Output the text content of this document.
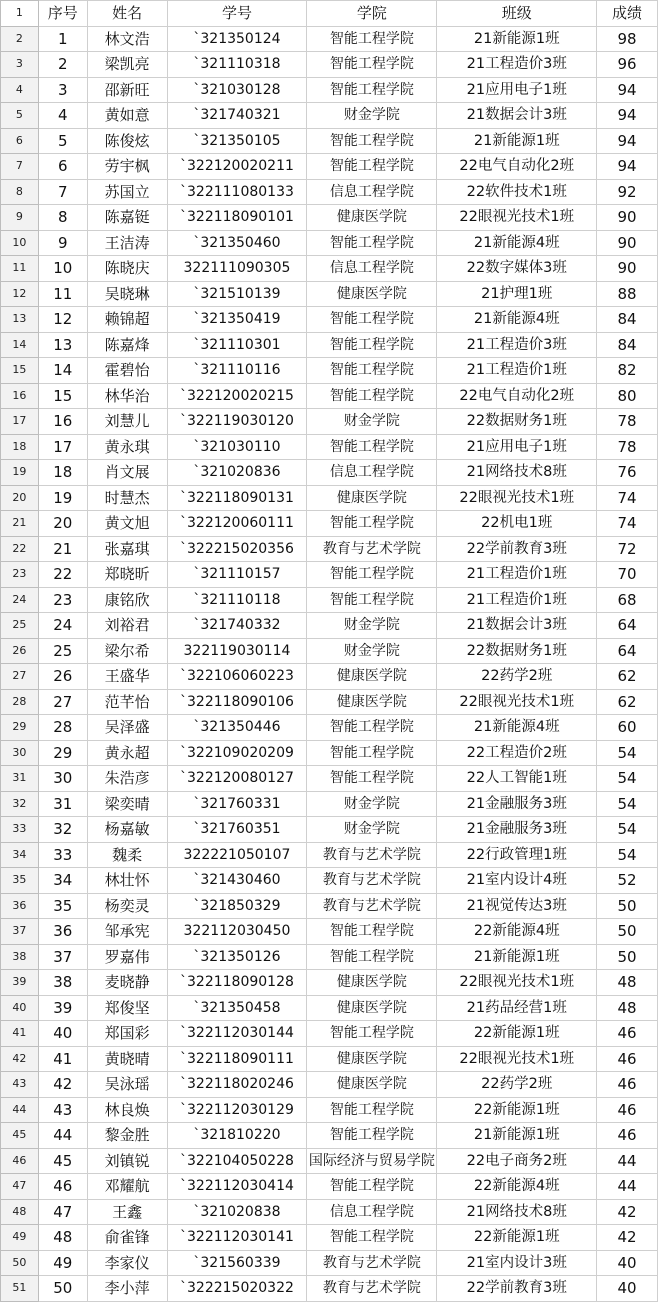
1	序号	姓名	学号	学院	班级	成绩
2	1	林文浩	`321350124	智能工程学院	21新能源1班	98
3	2	梁凯亮	`321110318	智能工程学院	21工程造价3班	96
4	3	邵新旺	`321030128	智能工程学院	21应用电子1班	94
5	4	黄如意	`321740321	财金学院	21数据会计3班	94
6	5	陈俊炫	`321350105	智能工程学院	21新能源1班	94
7	6	劳宇枫	`322120020211	智能工程学院	22电气自动化2班	94
8	7	苏国立	`322111080133	信息工程学院	22软件技术1班	92
9	8	陈嘉铤	`322118090101	健康医学院	22眼视光技术1班	90
10	9	王洁涛	`321350460	智能工程学院	21新能源4班	90
11	10	陈晓庆	322111090305	信息工程学院	22数字媒体3班	90
12	11	吴晓琳	`321510139	健康医学院	21护理1班	88
13	12	赖锦超	`321350419	智能工程学院	21新能源4班	84
14	13	陈嘉烽	`321110301	智能工程学院	21工程造价3班	84
15	14	霍碧怡	`321110116	智能工程学院	21工程造价1班	82
16	15	林华治	`322120020215	智能工程学院	22电气自动化2班	80
17	16	刘慧儿	`322119030120	财金学院	22数据财务1班	78
18	17	黄永琪	`321030110	智能工程学院	21应用电子1班	78
19	18	肖文展	`321020836	信息工程学院	21网络技术8班	76
20	19	时慧杰	`322118090131	健康医学院	22眼视光技术1班	74
21	20	黄文旭	`322120060111	智能工程学院	22机电1班	74
22	21	张嘉琪	`322215020356	教育与艺术学院	22学前教育3班	72
23	22	郑晓昕	`321110157	智能工程学院	21工程造价1班	70
24	23	康铭欣	`321110118	智能工程学院	21工程造价1班	68
25	24	刘裕君	`321740332	财金学院	21数据会计3班	64
26	25	梁尔希	322119030114	财金学院	22数据财务1班	64
27	26	王盛华	`322106060223	健康医学院	22药学2班	62
28	27	范芊怡	`322118090106	健康医学院	22眼视光技术1班	62
29	28	吴泽盛	`321350446	智能工程学院	21新能源4班	60
30	29	黄永超	`322109020209	智能工程学院	22工程造价2班	54
31	30	朱浩彦	`322120080127	智能工程学院	22人工智能1班	54
32	31	梁奕晴	`321760331	财金学院	21金融服务3班	54
33	32	杨嘉敏	`321760351	财金学院	21金融服务3班	54
34	33	魏柔	322221050107	教育与艺术学院	22行政管理1班	54
35	34	林壮怀	`321430460	教育与艺术学院	21室内设计4班	52
36	35	杨奕灵	`321850329	教育与艺术学院	21视觉传达3班	50
37	36	邹承宪	322112030450	智能工程学院	22新能源4班	50
38	37	罗嘉伟	`321350126	智能工程学院	21新能源1班	50
39	38	麦晓静	`322118090128	健康医学院	22眼视光技术1班	48
40	39	郑俊坚	`321350458	健康医学院	21药品经营1班	48
41	40	郑国彩	`322112030144	智能工程学院	22新能源1班	46
42	41	黄晓晴	`322118090111	健康医学院	22眼视光技术1班	46
43	42	吴泳瑶	`322118020246	健康医学院	22药学2班	46
44	43	林良焕	`322112030129	智能工程学院	22新能源1班	46
45	44	黎金胜	`321810220	智能工程学院	21新能源1班	46
46	45	刘镇锐	`322104050228	国际经济与贸易学院	22电子商务2班	44
47	46	邓耀航	`322112030414	智能工程学院	22新能源4班	44
48	47	王鑫	`321020838	信息工程学院	21网络技术8班	42
49	48	俞雀锋	`322112030141	智能工程学院	22新能源1班	42
50	49	李家仪	`321560339	教育与艺术学院	21室内设计3班	40
51	50	李小萍	`322215020322	教育与艺术学院	22学前教育3班	40
